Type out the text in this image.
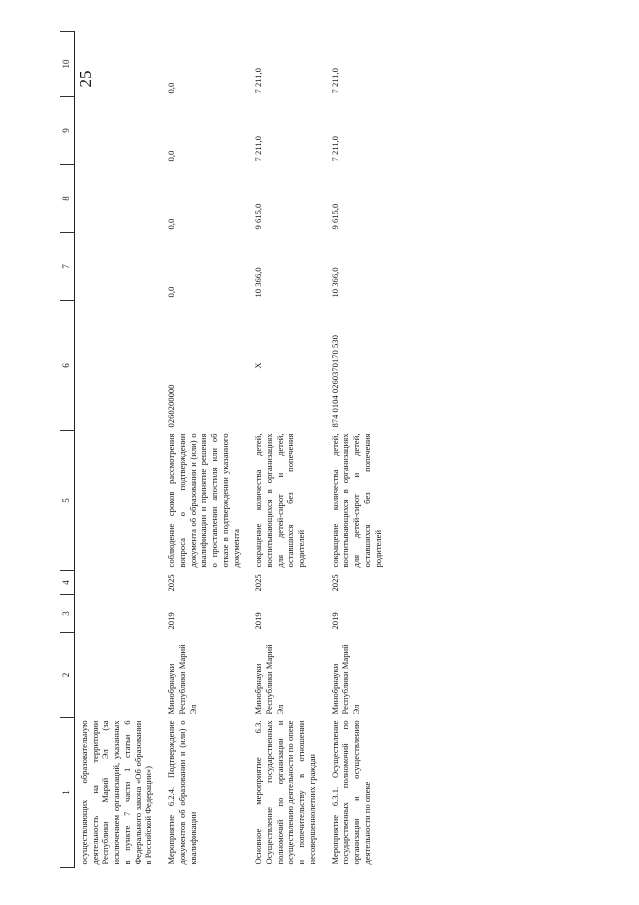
25
1	2	3	4	5	6	7	8	9	10
осуществляющих образовательную деятельность на территории Республики Марий Эл (за исключением организаций, указанных в пункте 7 части 1 статьи 6 Федерального закона «Об образовании в Российской Федерации»)									
Мероприятие 6.2.4. Подтверждение документов об образовании и (или) о квалификации	Минобрнауки Республики Марий Эл	2019	2025	соблюдение сроков рассмотрения вопроса о подтверждении документа об образовании и (или) о квалификации и принятие решения о проставлении апостиля или об отказе в подтверждении указанного документа	0260200000	0,0	0,0	0,0	0,0
Основное мероприятие 6.3. Осуществление государственных полномочий по организации и осуществлению деятельности по опеке и попечительству в отношении несовершеннолетних граждан	Минобрнауки Республики Марий Эл	2019	2025	сокращение количества детей, воспитывающихся в организациях для детей-сирот и детей, оставшихся без попечения родителей	Х	10 366,0	9 615,0	7 211,0	7 211,0
Мероприятие 6.3.1. Осуществление государственных полномочий по организации и осуществлению деятельности по опеке	Минобрнауки Республики Марий Эл	2019	2025	сокращение количества детей, воспитывающихся в организациях для детей-сирот и детей, оставшихся без попечения родителей	874 0104 0260370170 530	10 366,0	9 615,0	7 211,0	7 211,0
